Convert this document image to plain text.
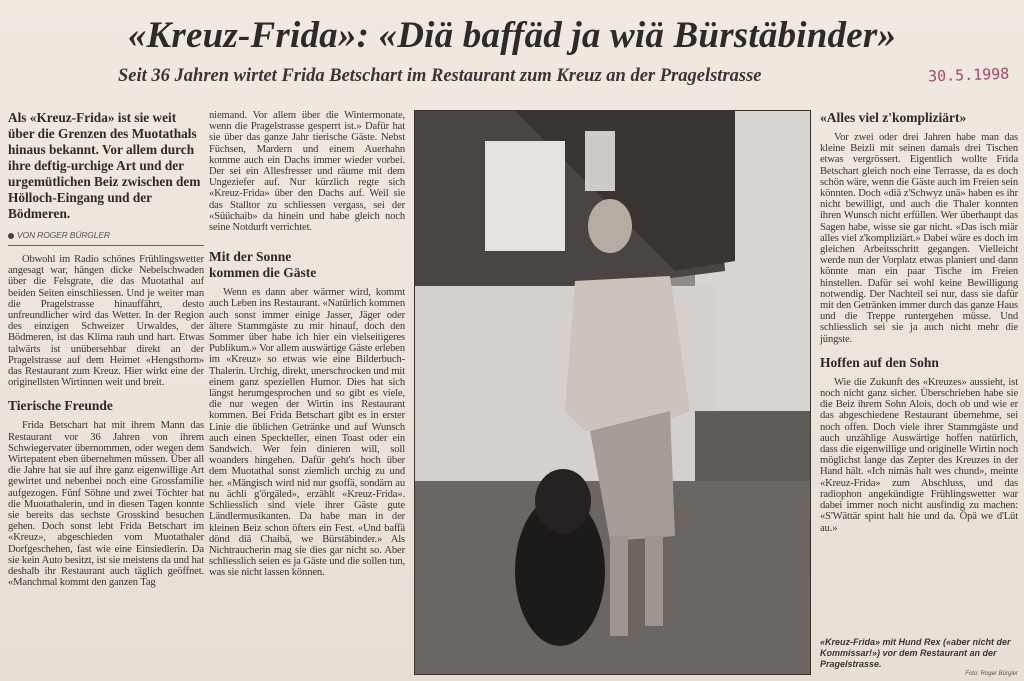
«Kreuz-Frida»: «Diä baffäd ja wiä Bürstäbinder»
Seit 36 Jahren wirtet Frida Betschart im Restaurant zum Kreuz an der Pragelstrasse	30.5.1998
Als «Kreuz-Frida» ist sie weit über die Grenzen des Muotathals hinaus bekannt. Vor allem durch ihre deftig-urchige Art und der urgemütlichen Beiz zwischen dem Hölloch-Eingang und der Bödmeren.
VON ROGER BÜRGLER

Obwohl im Radio schönes Frühlingswetter angesagt war, hängen dicke Nebelschwaden über die Felsgrate, die das Muotathal auf beiden Seiten einschliessen. Und je weiter man die Pragelstrasse hinauffährt, desto unfreundlicher wird das Wetter. In der Region des einzigen Schweizer Urwaldes, der Bödmeren, ist das Klima rauh und hart. Etwas talwärts ist unübersehbar direkt an der Pragelstrasse auf dem Heimet «Hengsthorn» das Restaurant zum Kreuz. Hier wirkt eine der originellsten Wirtinnen weit und breit.

Tierische Freunde

Frida Betschart hat mit ihrem Mann das Restaurant vor 36 Jahren von ihrem Schwiegervater übernommen, oder wegen dem Wirtepatent eben übernehmen müssen. Über all die Jahre hat sie auf ihre ganz eigenwillige Art gewirtet und nebenbei noch eine Grossfamilie aufgezogen. Fünf Söhne und zwei Töchter hat die Muotathalerin, und in diesen Tagen konnte sie bereits das sechste Grosskind besuchen gehen. Doch sonst lebt Frida Betschart im «Kreuz», abgeschieden vom Muotathaler Dorfgeschehen, fast wie eine Einsiedlerin. Da sie kein Auto besitzt, ist sie meistens da und hat deshalb ihr Restaurant auch täglich geöffnet. «Manchmal kommt den ganzen Tag

niemand. Vor allem über die Wintermonate, wenn die Pragelstrasse gesperrt ist.» Dafür hat sie über das ganze Jahr tierische Gäste. Nebst Füchsen, Mardern und einem Auerhahn komme auch ein Dachs immer wieder vorbei. Der sei ein Allesfresser und räume mit dem Ungeziefer auf. Nur kürzlich regte sich «Kreuz-Frida» über den Dachs auf. Weil sie das Stalltor zu schliessen vergass, sei der «Süüchaib» da hinein und habe gleich noch seine Notdurft verrichtet.

Mit der Sonne kommen die Gäste

Wenn es dann aber wärmer wird, kommt auch Leben ins Restaurant. «Natürlich kommen auch sonst immer einige Jasser, Jäger oder ältere Stammgäste zu mir hinauf, doch den Sommer über habe ich hier ein vielseitigeres Publikum.» Vor allem auswärtige Gäste erleben im «Kreuz» so etwas wie eine Bilderbuch-Thalerin. Urchig, direkt, unerschrocken und mit einem ganz speziellen Humor. Dies hat sich längst herumgesprochen und so gibt es viele, die nur wegen der Wirtin ins Restaurant kommen. Bei Frida Betschart gibt es in erster Linie die üblichen Getränke und auf Wunsch auch einen Speckteller, einen Toast oder ein Sandwich. Wer fein dinieren will, soll woanders hingehen. Dafür geht's hoch über dem Muotathal sonst ziemlich urchig zu und her. «Mängisch wird nid nur gsoffä, sondärn au nu ächli g'örgäled», erzählt «Kreuz-Frida». Schliesslich sind viele ihrer Gäste gute Ländlermusikanten. Da habe man in der kleinen Beiz schon öfters ein Fest. «Und baffä dönd diä Chaibä, we Bürstäbinder.» Als Nichtraucherin mag sie dies gar nicht so. Aber schliesslich seien es ja Gäste und die sollen tun, was sie nicht lassen können.

«Alles viel z'kompliziärt»

Vor zwei oder drei Jahren habe man das kleine Beizli mit seinen damals drei Tischen etwas vergrössert. Eigentlich wollte Frida Betschart gleich noch eine Terrasse, da es doch schön wäre, wenn die Gäste auch im Freien sein könnten. Doch «diä z'Schwyz unä» haben es ihr nicht bewilligt, und auch die Thaler konnten ihren Wunsch nicht erfüllen. Wer überhaupt das Sagen habe, wisse sie gar nicht. «Das isch miär alles viel z'kompliziärt.» Dabei wäre es doch im gleichen Arbeitsschritt gegangen. Vielleicht werde nun der Vorplatz etwas planiert und dann könnte man ein paar Tische im Freien hinstellen. Dafür sei wohl keine Bewilligung notwendig. Der Nachteil sei nur, dass sie dafür mit den Getränken immer durch das ganze Haus und die Treppe runtergehen müsse. Und schliesslich sei sie ja auch nicht mehr die jüngste.

Hoffen auf den Sohn

Wie die Zukunft des «Kreuzes» aussieht, ist noch nicht ganz sicher. Überschrieben habe sie die Beiz ihrem Sohn Alois, doch ob und wie er das abgeschiedene Restaurant übernehme, sei noch offen. Doch viele ihrer Stammgäste und auch unzählige Auswärtige hoffen natürlich, dass die eigenwillige und originelle Wirtin noch möglichst lange das Zepter des Kreuzes in der Hand hält. «Ich nimäs halt wes chund», meinte «Kreuz-Frida» zum Abschluss, und das radiophon angekündigte Frühlingswetter war dabei immer noch nicht ausfindig zu machen: «S'Wättär spint halt hie und da. Öpä we d'Lüt au.»

«Kreuz-Frida» mit Hund Rex («aber nicht der Kommissar!») vor dem Restaurant an der Pragelstrasse.
Foto: Roger Bürgler
